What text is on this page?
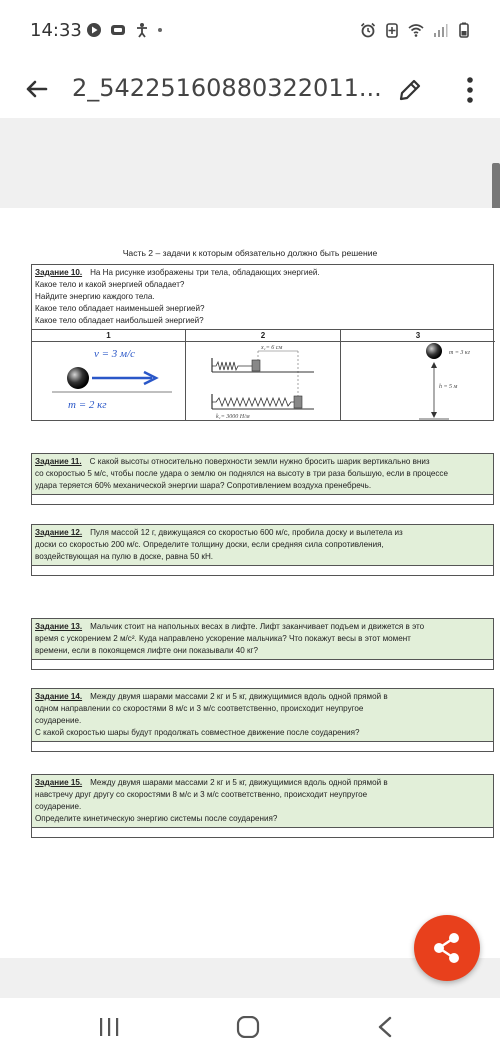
14:33
2_54225160880322011...
Часть 2 – задачи к которым обязательно должно быть решение
Задание 10. На На рисунке изображены три тела, обладающих энергией.
Какое тело и какой энергией обладает?
Найдите энергию каждого тела.
Какое тело обладает наименьшей энергией?
Какое тело обладает наибольшей энергией?
1
v = 3 м/с
m = 2 кг
2
x₁= 6 см
k₁= 3000 Н/м
3
m = 3 кг
h = 5 м
Задание 11. С какой высоты относительно поверхности земли нужно бросить шарик вертикально вниз
со скоростью 5 м/с, чтобы после удара о землю он поднялся на высоту в три раза большую, если в процессе
удара теряется 60% механической энергии шара? Сопротивлением воздуха пренебречь.
Задание 12. Пуля массой 12 г, движущаяся со скоростью 600 м/с, пробила доску и вылетела из
доски со скоростью 200 м/с. Определите толщину доски, если средняя сила сопротивления,
воздействующая на пулю в доске, равна 50 кН.
Задание 13. Мальчик стоит на напольных весах в лифте. Лифт заканчивает подъем и движется в это
время с ускорением 2 м/с². Куда направлено ускорение мальчика? Что покажут весы в этот момент
времени, если в покоящемся лифте они показывали 40 кг?
Задание 14. Между двумя шарами массами 2 кг и 5 кг, движущимися вдоль одной прямой в
одном направлении со скоростями 8 м/с и 3 м/с соответственно, происходит неупругое
соударение.
С какой скоростью шары будут продолжать совместное движение после соударения?
Задание 15. Между двумя шарами массами 2 кг и 5 кг, движущимися вдоль одной прямой в
навстречу друг другу со скоростями 8 м/с и 3 м/с соответственно, происходит неупругое
соударение.
Определите кинетическую энергию системы после соударения?
